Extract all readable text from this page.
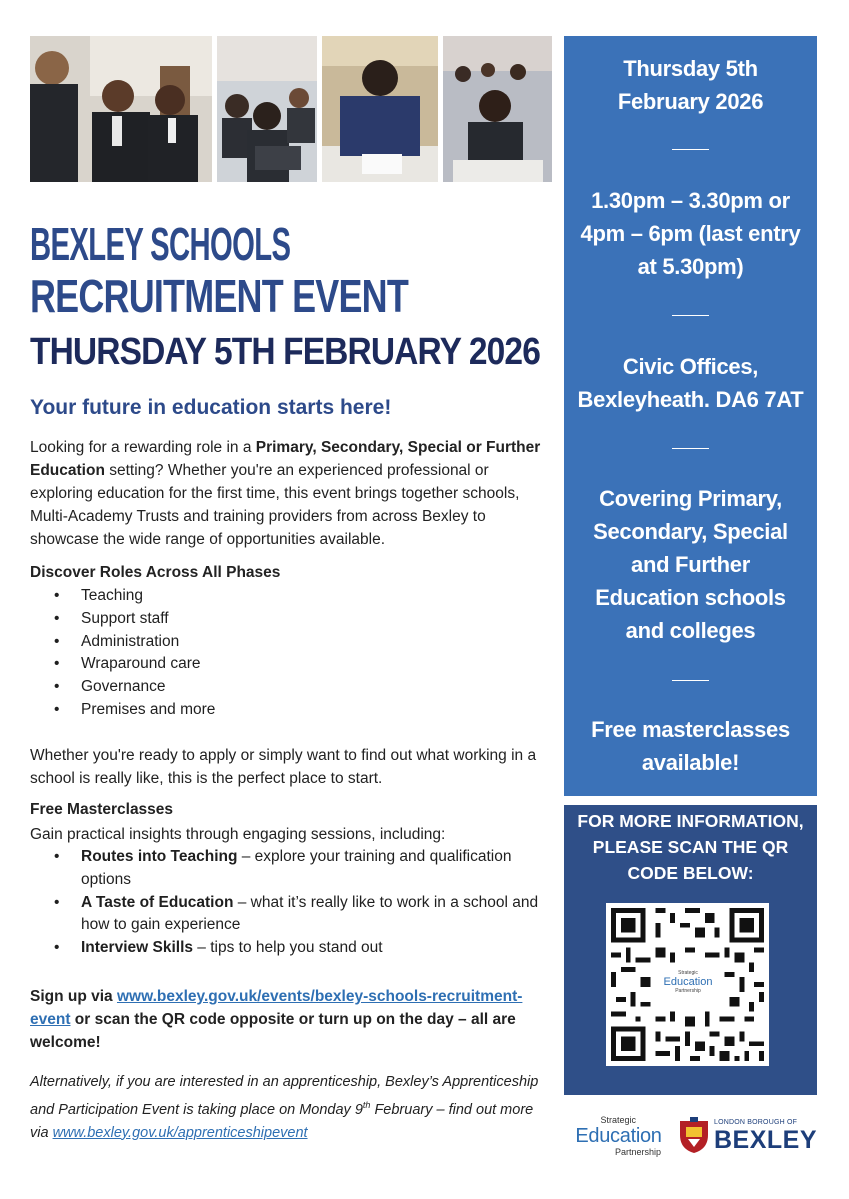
BEXLEY SCHOOLS
RECRUITMENT EVENT
THURSDAY 5TH FEBRUARY 2026
Your future in education starts here!
Looking for a rewarding role in a Primary, Secondary, Special or Further Education setting? Whether you're an experienced professional or exploring education for the first time, this event brings together schools, Multi-Academy Trusts and training providers from across Bexley to showcase the wide range of opportunities available.
Discover Roles Across All Phases
• Teaching
• Support staff
• Administration
• Wraparound care
• Governance
• Premises and more
Whether you're ready to apply or simply want to find out what working in a school is really like, this is the perfect place to start.
Free Masterclasses
Gain practical insights through engaging sessions, including:
• Routes into Teaching – explore your training and qualification options
• A Taste of Education – what it’s really like to work in a school and how to gain experience
• Interview Skills – tips to help you stand out
Sign up via www.bexley.gov.uk/events/bexley-schools-recruitment-event or scan the QR code opposite or turn up on the day – all are welcome!
Alternatively, if you are interested in an apprenticeship, Bexley’s Apprenticeship and Participation Event is taking place on Monday 9th February – find out more via www.bexley.gov.uk/apprenticeshipevent
Thursday 5th
February 2026
1.30pm – 3.30pm or
4pm – 6pm (last entry
at 5.30pm)
Civic Offices,
Bexleyheath. DA6 7AT
Covering Primary,
Secondary, Special
and Further
Education schools
and colleges
Free masterclasses
available!
FOR MORE INFORMATION,
PLEASE SCAN THE QR
CODE BELOW:
Strategic
Education
Partnership
Strategic
Education
Partnership
LONDON BOROUGH OF
BEXLEY
